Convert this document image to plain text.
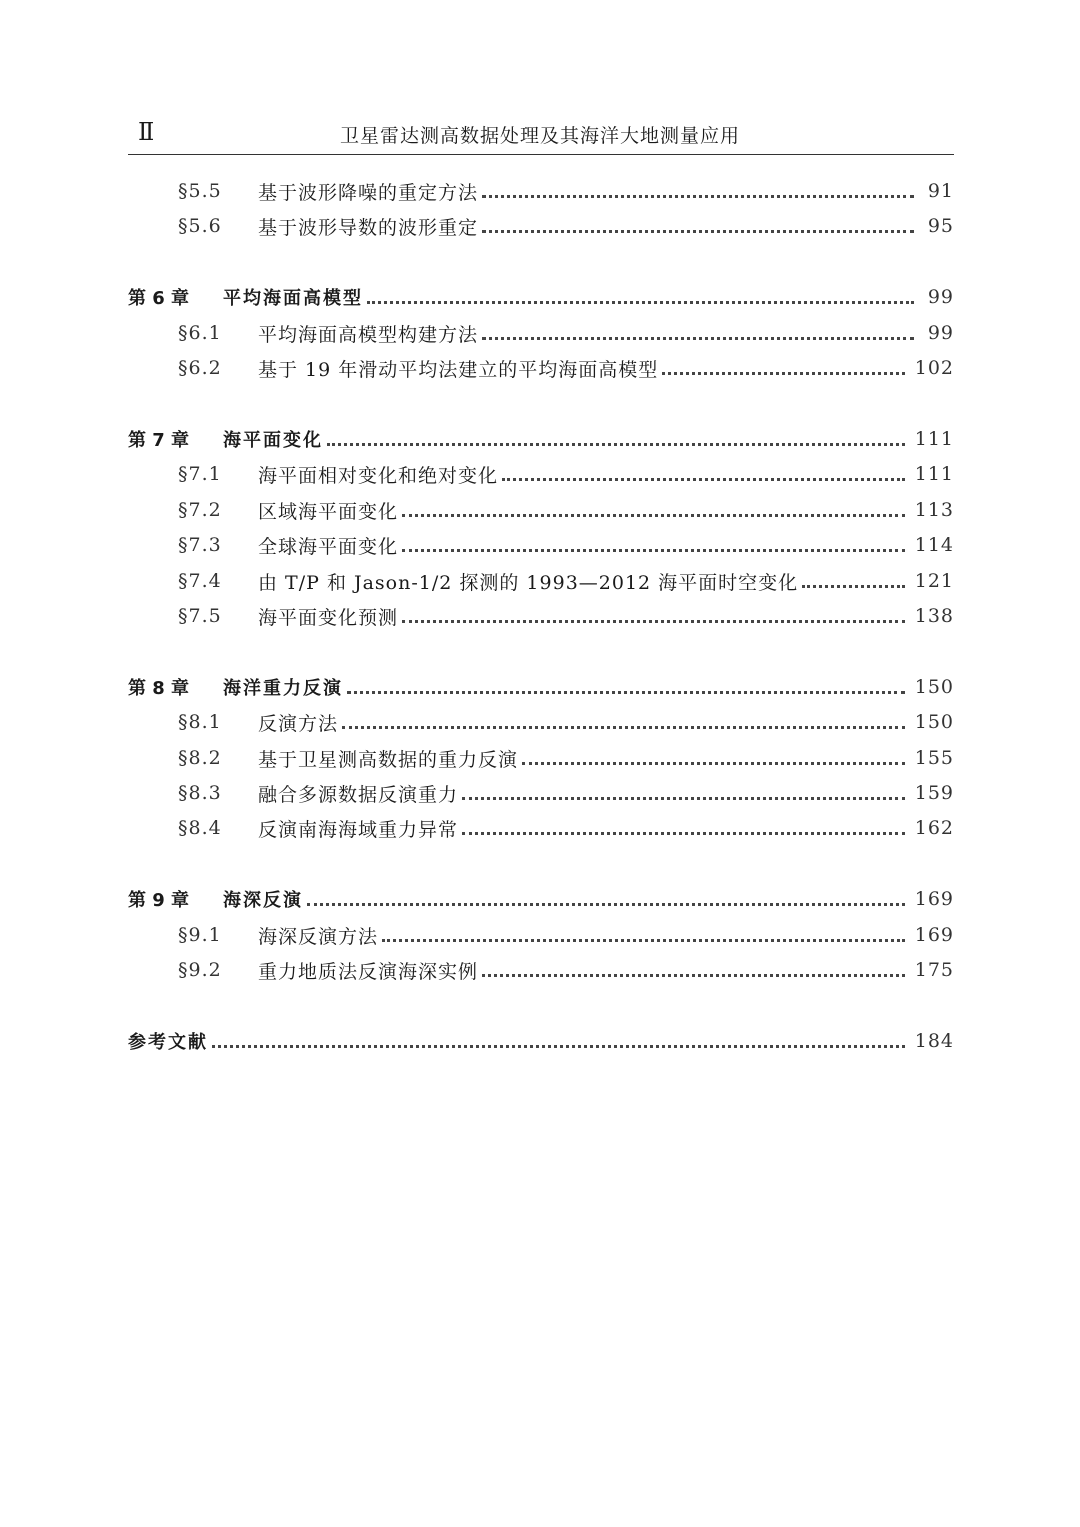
Ⅱ	卫星雷达测高数据处理及其海洋大地测量应用
§5.5	基于波形降噪的重定方法	91
§5.6	基于波形导数的波形重定	95
第 6 章	平均海面高模型	99
§6.1	平均海面高模型构建方法	99
§6.2	基于 19 年滑动平均法建立的平均海面高模型	102
第 7 章	海平面变化	111
§7.1	海平面相对变化和绝对变化	111
§7.2	区域海平面变化	113
§7.3	全球海平面变化	114
§7.4	由 T/P 和 Jason-1/2 探测的 1993—2012 海平面时空变化	121
§7.5	海平面变化预测	138
第 8 章	海洋重力反演	150
§8.1	反演方法	150
§8.2	基于卫星测高数据的重力反演	155
§8.3	融合多源数据反演重力	159
§8.4	反演南海海域重力异常	162
第 9 章	海深反演	169
§9.1	海深反演方法	169
§9.2	重力地质法反演海深实例	175
参考文献	184
